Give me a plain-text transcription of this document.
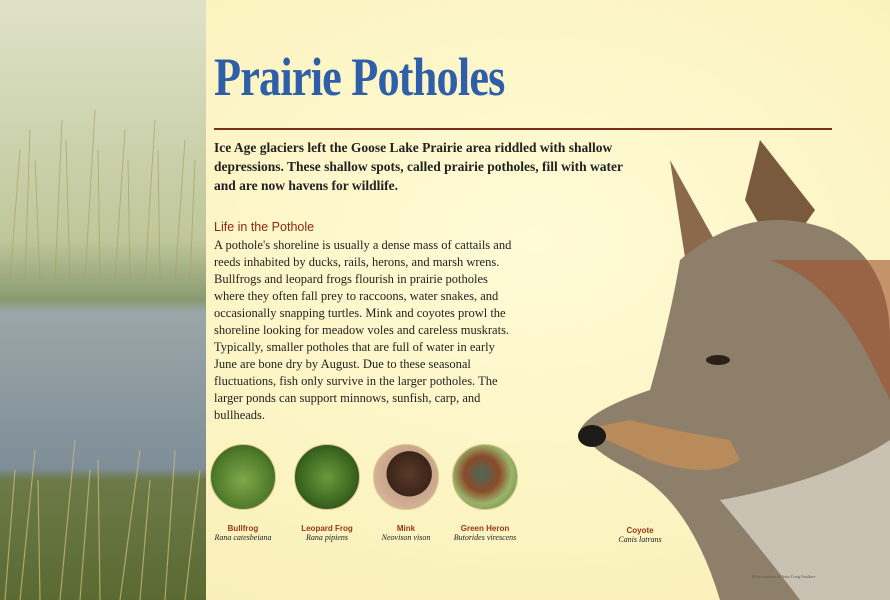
Prairie Potholes
Ice Age glaciers left the Goose Lake Prairie area riddled with shallow depressions. These shallow spots, called prairie potholes, fill with water and are now havens for wildlife.
Life in the Pothole

A pothole's shoreline is usually a dense mass of cattails and reeds inhabited by ducks, rails, herons, and marsh wrens. Bullfrogs and leopard frogs flourish in prairie potholes where they often fall prey to raccoons, water snakes, and occasionally snapping turtles. Mink and coyotes prowl the shoreline looking for meadow voles and careless muskrats.

Typically, smaller potholes that are full of water in early June are bone dry by August. Due to these seasonal fluctuations, fish only survive in the larger potholes. The larger ponds can support minnows, sunfish, carp, and bullheads.

Bullfrog
Rana catesbeiana
Leopard Frog
Rana pipiens
Mink
Neovison vison
Green Heron
Butorides virescens
Coyote
Canis latrans
Photo courtesy of Jesse Craig Faulkner
